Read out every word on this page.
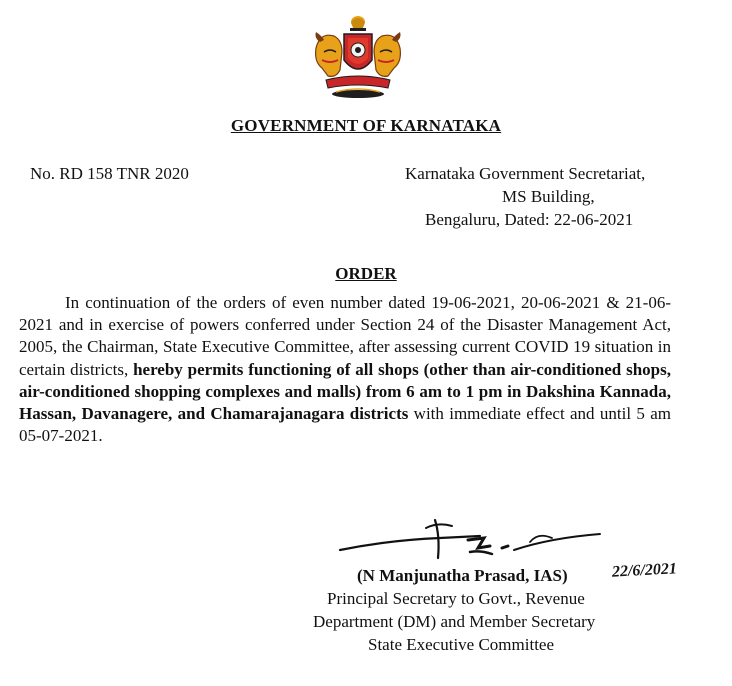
GOVERNMENT OF KARNATAKA
No. RD 158 TNR 2020	Karnataka Government Secretariat,
MS Building,
Bengaluru, Dated: 22-06-2021
ORDER

In continuation of the orders of even number dated 19-06-2021, 20-06-2021 & 21-06-2021 and in exercise of powers conferred under Section 24 of the Disaster Management Act, 2005, the Chairman, State Executive Committee, after assessing current COVID 19 situation in certain districts, hereby permits functioning of all shops (other than air-conditioned shops, air-conditioned shopping complexes and malls) from 6 am to 1 pm in Dakshina Kannada, Hassan, Davanagere, and Chamarajanagara districts with immediate effect and until 5 am 05-07-2021.

(N Manjunatha Prasad, IAS)	22/6/2021
Principal Secretary to Govt., Revenue
Department (DM) and Member Secretary
State Executive Committee
